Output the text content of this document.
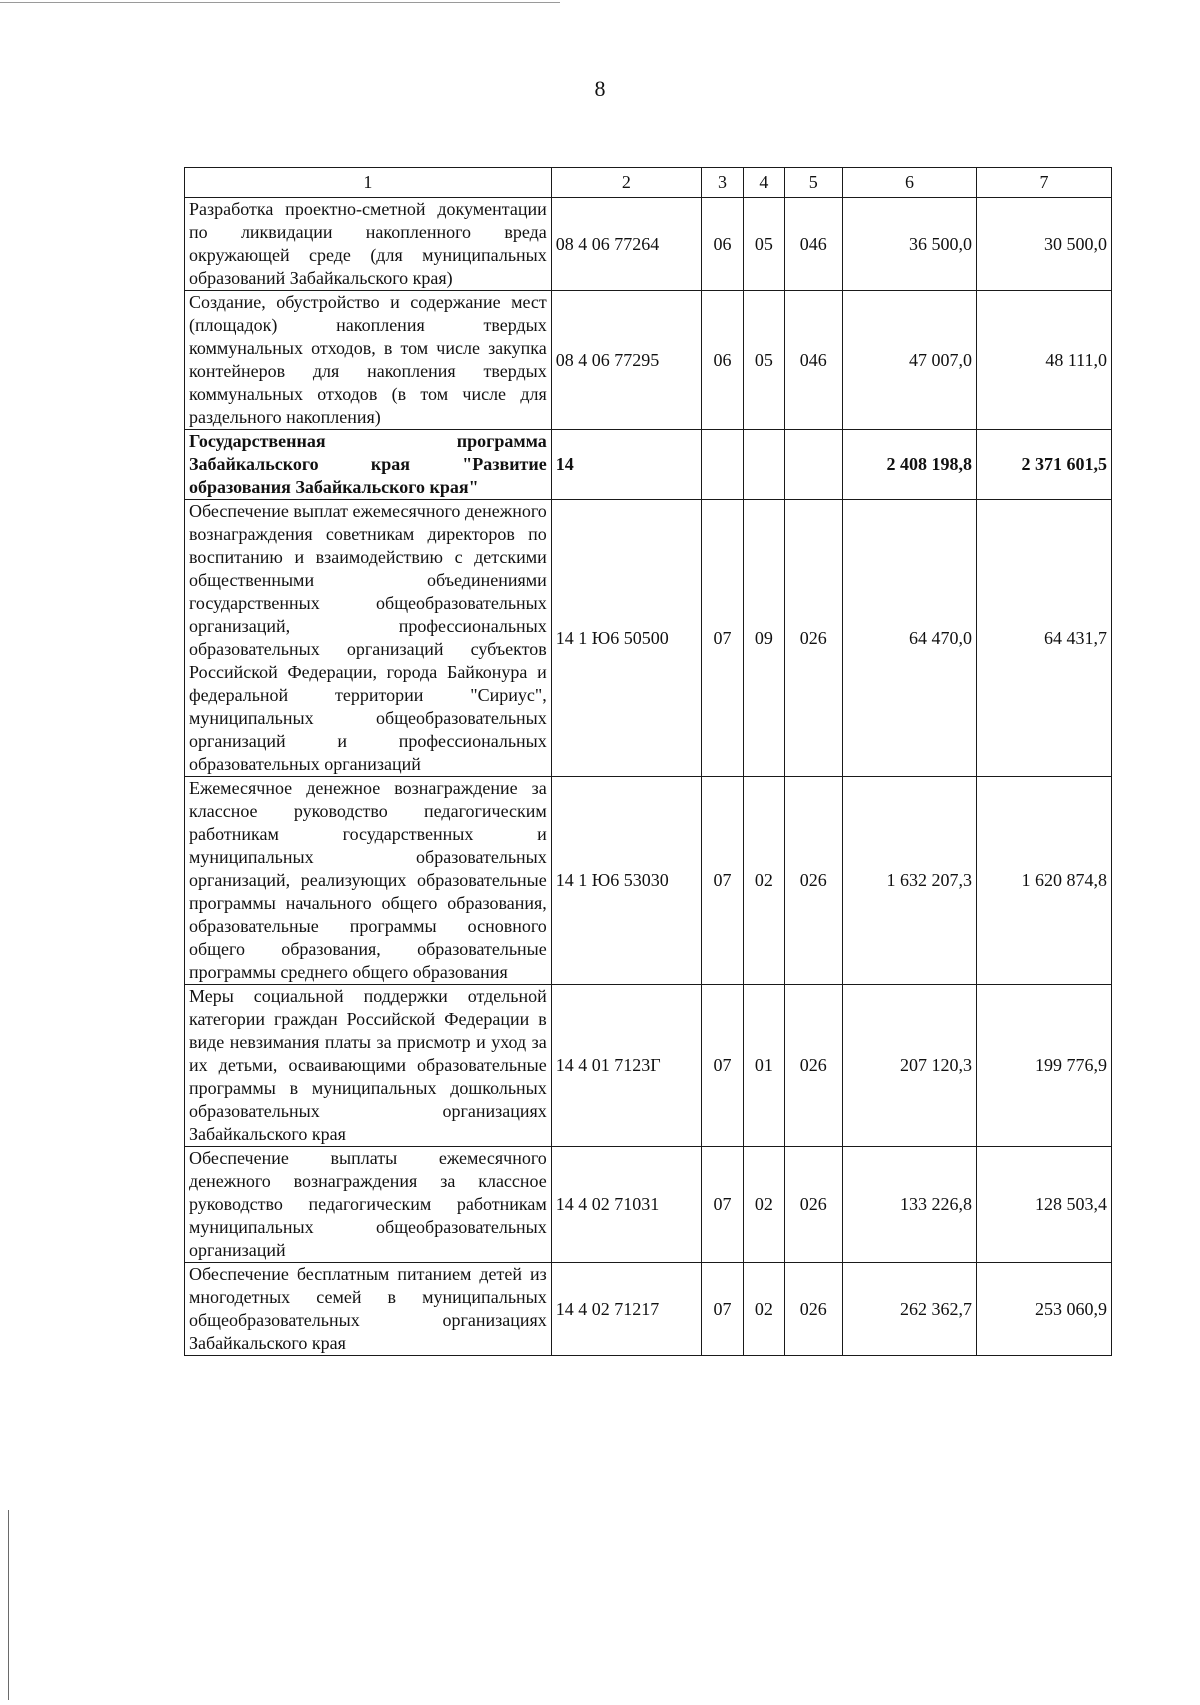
8
1	2	3	4	5	6	7
Разработка проектно-сметной документации по ликвидации накопленного вреда окружающей среде (для муниципальных образований Забайкальского края)	08 4 06 77264	06	05	046	36 500,0	30 500,0
Создание, обустройство и содержание мест (площадок) накопления твердых коммунальных отходов, в том числе закупка контейнеров для накопления твердых коммунальных отходов (в том числе для раздельного накопления)	08 4 06 77295	06	05	046	47 007,0	48 111,0
Государственная программа Забайкальского края "Развитие образования Забайкальского края"	14				2 408 198,8	2 371 601,5
Обеспечение выплат ежемесячного денежного вознаграждения советникам директоров по воспитанию и взаимодействию с детскими общественными объединениями государственных общеобразовательных организаций, профессиональных образовательных организаций субъектов Российской Федерации, города Байконура и федеральной территории "Сириус", муниципальных общеобразовательных организаций и профессиональных образовательных организаций	14 1 Ю6 50500	07	09	026	64 470,0	64 431,7
Ежемесячное денежное вознаграждение за классное руководство педагогическим работникам государственных и муниципальных образовательных организаций, реализующих образовательные программы начального общего образования, образовательные программы основного общего образования, образовательные программы среднего общего образования	14 1 Ю6 53030	07	02	026	1 632 207,3	1 620 874,8
Меры социальной поддержки отдельной категории граждан Российской Федерации в виде невзимания платы за присмотр и уход за их детьми, осваивающими образовательные программы в муниципальных дошкольных образовательных организациях Забайкальского края	14 4 01 7123Г	07	01	026	207 120,3	199 776,9
Обеспечение выплаты ежемесячного денежного вознаграждения за классное руководство педагогическим работникам муниципальных общеобразовательных организаций	14 4 02 71031	07	02	026	133 226,8	128 503,4
Обеспечение бесплатным питанием детей из многодетных семей в муниципальных общеобразовательных организациях Забайкальского края	14 4 02 71217	07	02	026	262 362,7	253 060,9
